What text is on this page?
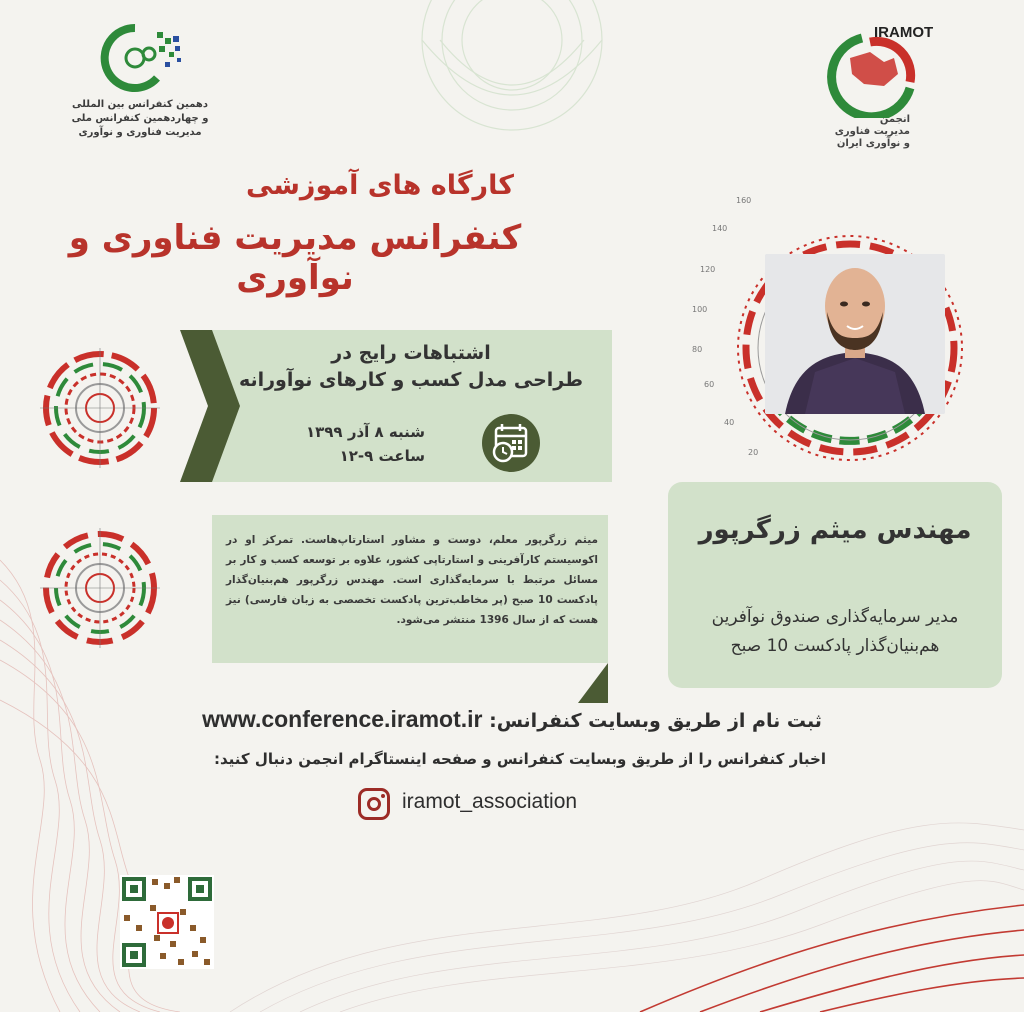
دهمین کنفرانس بین المللی
و چهاردهمین کنفرانس ملی
مدیریت فناوری و نوآوری
IRAMOT
انجمن
مدیریت فناوری
و نوآوری ایران
کارگاه های آموزشی
کنفرانس مدیریت فناوری و نوآوری
اشتباهات رایج در
طراحی مدل کسب و کارهای نوآورانه
شنبه ۸ آذر ۱۳۹۹
ساعت ۹-۱۲
میثم زرگرپور معلم، دوست و مشاور استارتاپ‌هاست. تمرکز او در اکوسیستم کارآفرینی و استارتاپی کشور، علاوه بر توسعه کسب و کار بر مسائل مرتبط با سرمایه‌گذاری است. مهندس زرگرپور هم‌بنیان‌گذار پادکست 10 صبح (پر مخاطب‌ترین پادکست تخصصی به زبان فارسی) نیز هست که از سال 1396 منتشر می‌شود.
مهندس میثم زرگرپور
مدیر سرمایه‌گذاری صندوق نوآفرین
هم‌بنیان‌گذار پادکست 10 صبح
160
140
120
100
80
60
40
20
ثبت نام از طریق وبسایت کنفرانس: www.conference.iramot.ir
اخبار کنفرانس را از طریق وبسایت کنفرانس و صفحه اینستاگرام انجمن دنبال کنید:
iramot_association
